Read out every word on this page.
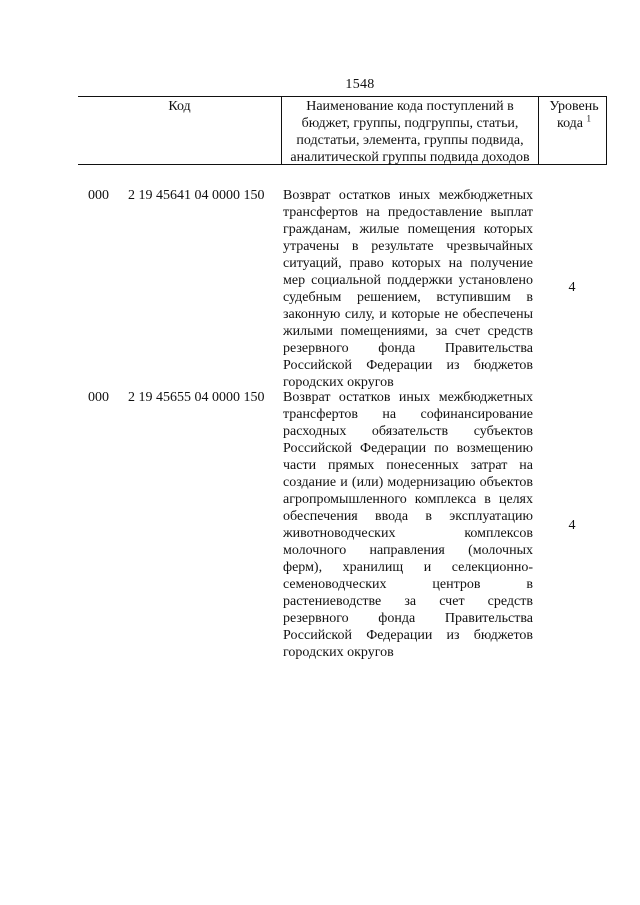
1548
Код	Наименование кода поступлений в
бюджет, группы, подгруппы, статьи,
подстатьи, элемента, группы подвида,
аналитической группы подвида доходов
Уровень
кода $^1$
000 2 19 45641 04 0000 150 Возврат остатков иных межбюджетных трансфертов на предоставление выплат гражданам, жилые помещения которых утрачены в результате чрезвычайных ситуаций, право которых на получение мер социальной поддержки установлено судебным решением, вступившим в законную силу, и которые не обеспечены жилыми помещениями, за счет средств резервного фонда Правительства Российской Федерации из бюджетов городских округов
4
000 2 19 45655 04 0000 150 Возврат остатков иных межбюджетных трансфертов на софинансирование расходных обязательств субъектов Российской Федерации по возмещению части прямых понесенных затрат на создание и (или) модернизацию объектов агропромышленного комплекса в целях обеспечения ввода в эксплуатацию животноводческих комплексов молочного направления (молочных ферм), хранилищ и селекционно-семеноводческих центров в растениеводстве за счет средств резервного фонда Правительства Российской Федерации из бюджетов городских округов
4
